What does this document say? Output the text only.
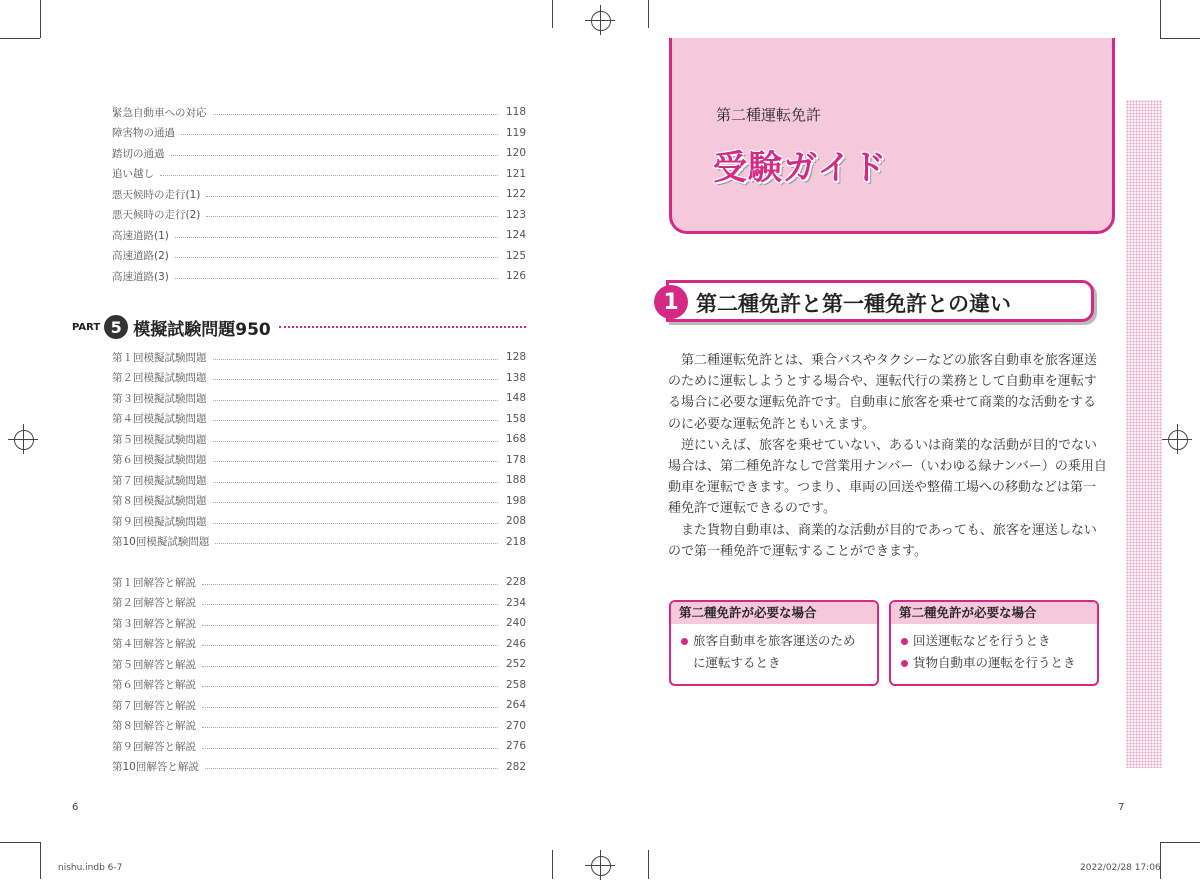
緊急自動車への対応	118
障害物の通過	119
踏切の通過	120
追い越し	121
悪天候時の走行(1)	122
悪天候時の走行(2)	123
高速道路(1)	124
高速道路(2)	125
高速道路(3)	126
PART 5 模擬試験問題950
第１回模擬試験問題	128
第２回模擬試験問題	138
第３回模擬試験問題	148
第４回模擬試験問題	158
第５回模擬試験問題	168
第６回模擬試験問題	178
第７回模擬試験問題	188
第８回模擬試験問題	198
第９回模擬試験問題	208
第10回模擬試験問題	218
第１回解答と解説	228
第２回解答と解説	234
第３回解答と解説	240
第４回解答と解説	246
第５回解答と解説	252
第６回解答と解説	258
第７回解答と解説	264
第８回解答と解説	270
第９回解答と解説	276
第10回解答と解説	282
6
nishu.indb 6-7
第二種運転免許
受験ガイド
1 第二種免許と第一種免許との違い

第二種運転免許とは、乗合バスやタクシーなどの旅客自動車を旅客運送のために運転しようとする場合や、運転代行の業務として自動車を運転する場合に必要な運転免許です。自動車に旅客を乗せて商業的な活動をするのに必要な運転免許ともいえます。

逆にいえば、旅客を乗せていない、あるいは商業的な活動が目的でない場合は、第二種免許なしで営業用ナンバー（いわゆる緑ナンバー）の乗用自動車を運転できます。つまり、車両の回送や整備工場への移動などは第一種免許で運転できるのです。

また貨物自動車は、商業的な活動が目的であっても、旅客を運送しないので第一種免許で運転することができます。

第二種免許が必要な場合
旅客自動車を旅客運送のため
に運転するとき
第二種免許が必要な場合
回送運転などを行うとき
貨物自動車の運転を行うとき
7
2022/02/28 17:06
